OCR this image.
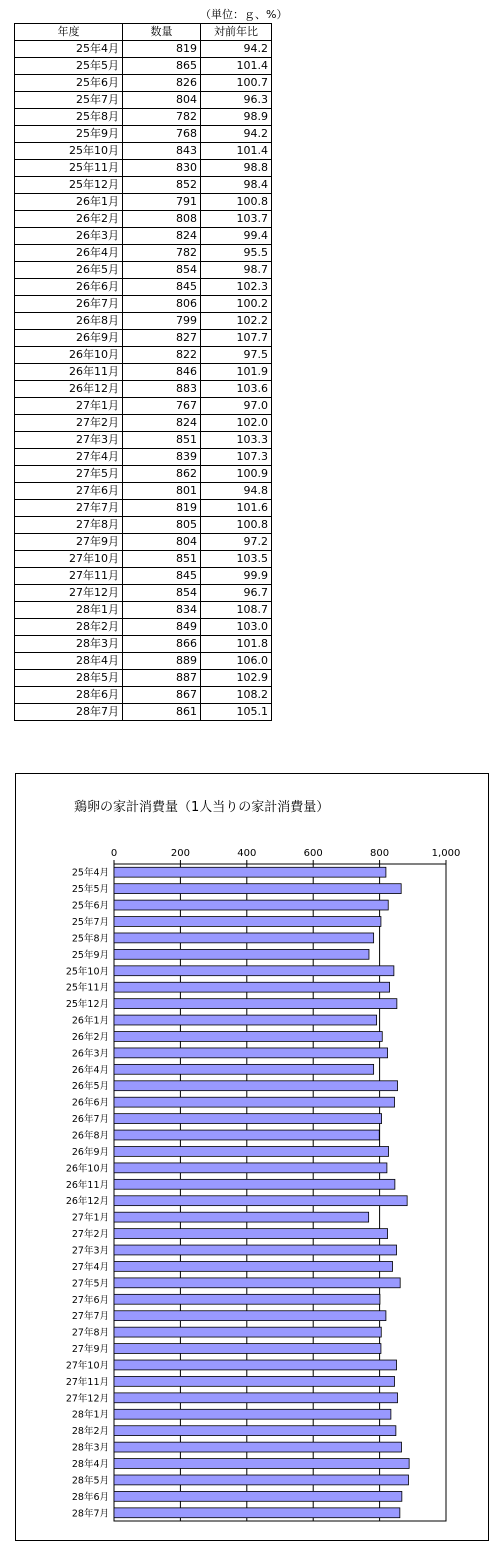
（単位：ｇ、%）
年度	数量	対前年比
25年4月	819	94.2
25年5月	865	101.4
25年6月	826	100.7
25年7月	804	96.3
25年8月	782	98.9
25年9月	768	94.2
25年10月	843	101.4
25年11月	830	98.8
25年12月	852	98.4
26年1月	791	100.8
26年2月	808	103.7
26年3月	824	99.4
26年4月	782	95.5
26年5月	854	98.7
26年6月	845	102.3
26年7月	806	100.2
26年8月	799	102.2
26年9月	827	107.7
26年10月	822	97.5
26年11月	846	101.9
26年12月	883	103.6
27年1月	767	97.0
27年2月	824	102.0
27年3月	851	103.3
27年4月	839	107.3
27年5月	862	100.9
27年6月	801	94.8
27年7月	819	101.6
27年8月	805	100.8
27年9月	804	97.2
27年10月	851	103.5
27年11月	845	99.9
27年12月	854	96.7
28年1月	834	108.7
28年2月	849	103.0
28年3月	866	101.8
28年4月	889	106.0
28年5月	887	102.9
28年6月	867	108.2
28年7月	861	105.1
鶏卵の家計消費量（1人当りの家計消費量）
0	200	400	600	800	1,000
25年4月
25年5月
25年6月
25年7月
25年8月
25年9月
25年10月
25年11月
25年12月
26年1月
26年2月
26年3月
26年4月
26年5月
26年6月
26年7月
26年8月
26年9月
26年10月
26年11月
26年12月
27年1月
27年2月
27年3月
27年4月
27年5月
27年6月
27年7月
27年8月
27年9月
27年10月
27年11月
27年12月
28年1月
28年2月
28年3月
28年4月
28年5月
28年6月
28年7月
